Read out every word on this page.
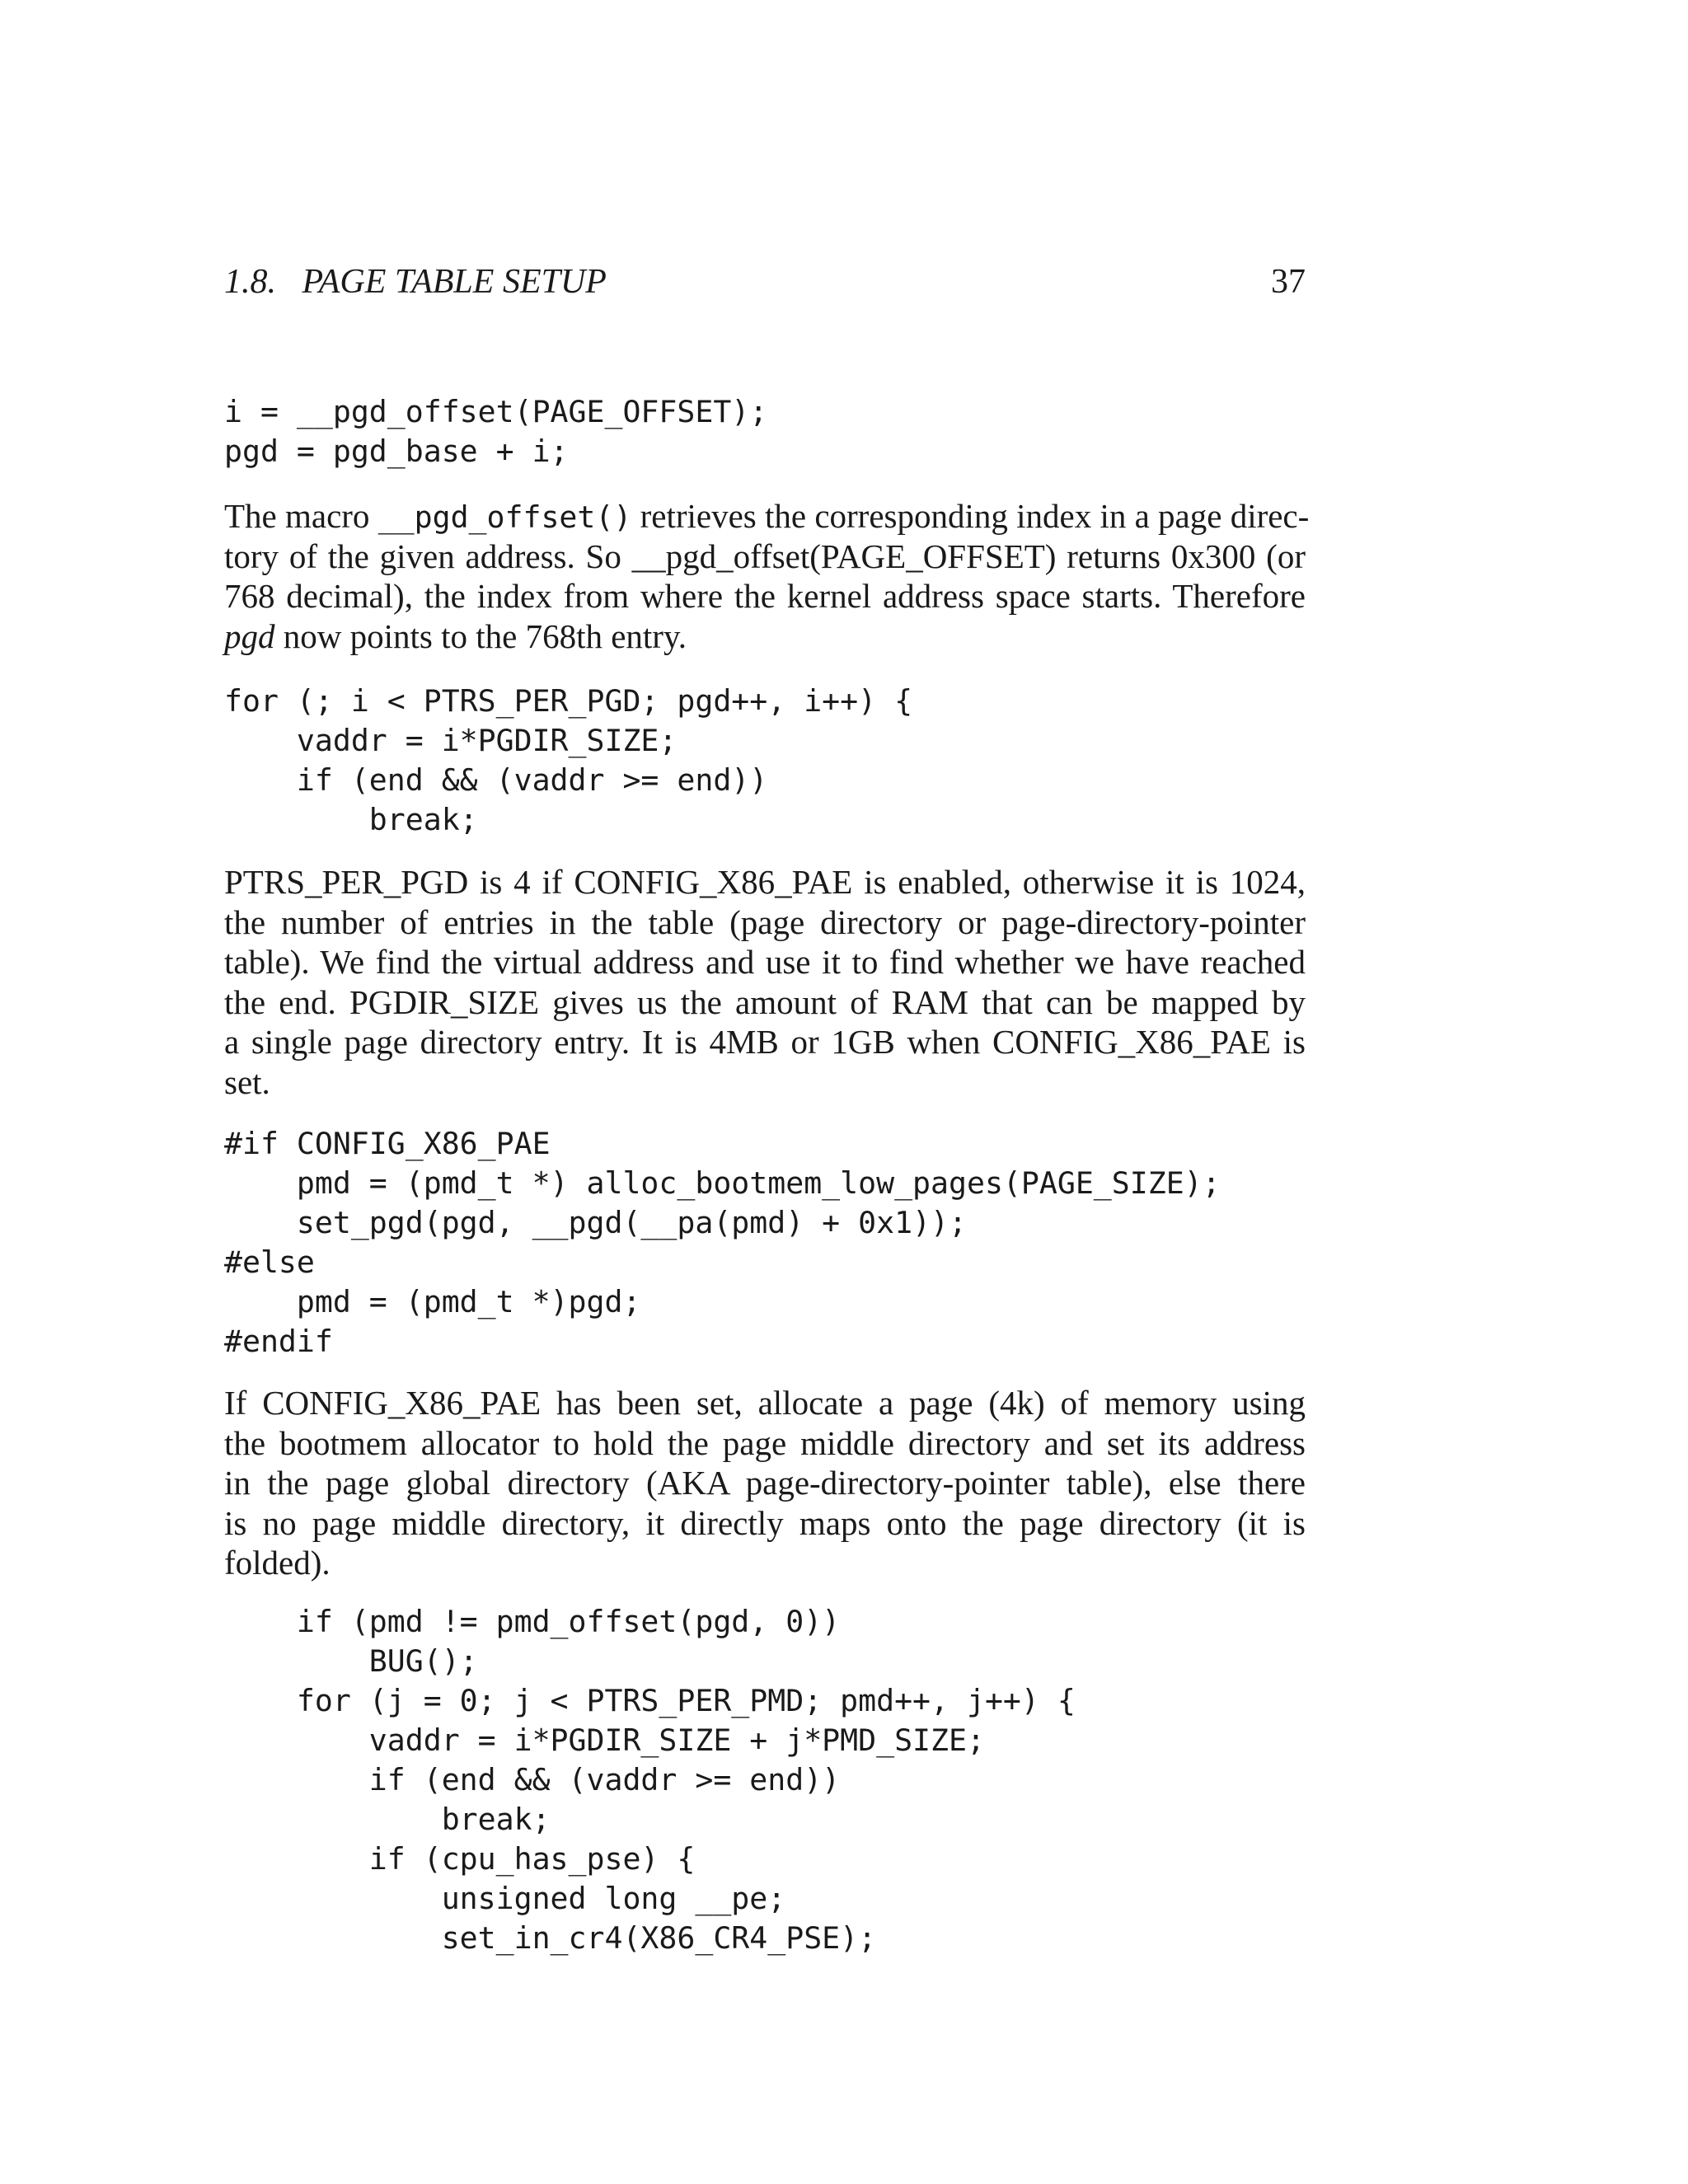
1.8.   PAGE TABLE SETUP	37
i = __pgd_offset(PAGE_OFFSET);
pgd = pgd_base + i;
The macro __pgd_offset() retrieves the corresponding index in a page direc-
tory of the given address. So __pgd_offset(PAGE_OFFSET) returns 0x300 (or
768 decimal), the index from where the kernel address space starts. Therefore
pgd now points to the 768th entry.
for (; i < PTRS_PER_PGD; pgd++, i++) {
vaddr = i*PGDIR_SIZE;
if (end && (vaddr >= end))
break;
PTRS_PER_PGD is 4 if CONFIG_X86_PAE is enabled, otherwise it is 1024,
the number of entries in the table (page directory or page-directory-pointer
table). We find the virtual address and use it to find whether we have reached
the end. PGDIR_SIZE gives us the amount of RAM that can be mapped by
a single page directory entry. It is 4MB or 1GB when CONFIG_X86_PAE is
set.
#if CONFIG_X86_PAE
pmd = (pmd_t *) alloc_bootmem_low_pages(PAGE_SIZE);
set_pgd(pgd, __pgd(__pa(pmd) + 0x1));
#else
pmd = (pmd_t *)pgd;
#endif
If CONFIG_X86_PAE has been set, allocate a page (4k) of memory using
the bootmem allocator to hold the page middle directory and set its address
in the page global directory (AKA page-directory-pointer table), else there
is no page middle directory, it directly maps onto the page directory (it is
folded).
if (pmd != pmd_offset(pgd, 0))
BUG();
for (j = 0; j < PTRS_PER_PMD; pmd++, j++) {
vaddr = i*PGDIR_SIZE + j*PMD_SIZE;
if (end && (vaddr >= end))
break;
if (cpu_has_pse) {
unsigned long __pe;
set_in_cr4(X86_CR4_PSE);
